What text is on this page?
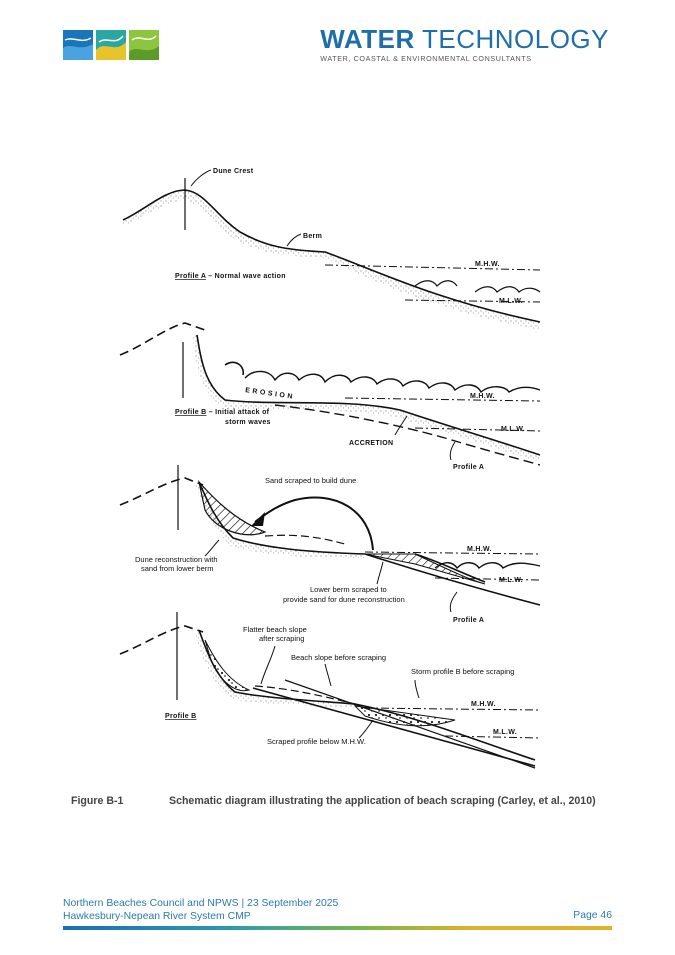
WATER TECHNOLOGY
WATER, COASTAL & ENVIRONMENTAL CONSULTANTS
Dune Crest
Berm
M.H.W.
M.L.W.
Profile A – Normal wave action
E R O S I O N	M.H.W.
M.L.W.
Profile B – Initial attack of
storm waves
ACCRETION
Profile A
Sand scraped to build dune
Dune reconstruction with
sand from lower berm
M.H.W.
M.L.W.
Lower berm scraped to
provide sand for dune reconstruction
Profile A
Flatter beach slope
after scraping
Beach slope before scraping
Storm profile B before scraping
M.H.W.
M.L.W.
Profile B
Scraped profile below M.H.W.
Figure B-1	Schematic diagram illustrating the application of beach scraping (Carley, et al., 2010)
Northern Beaches Council and NPWS | 23 September 2025
Hawkesbury-Nepean River System CMP	Page 46
